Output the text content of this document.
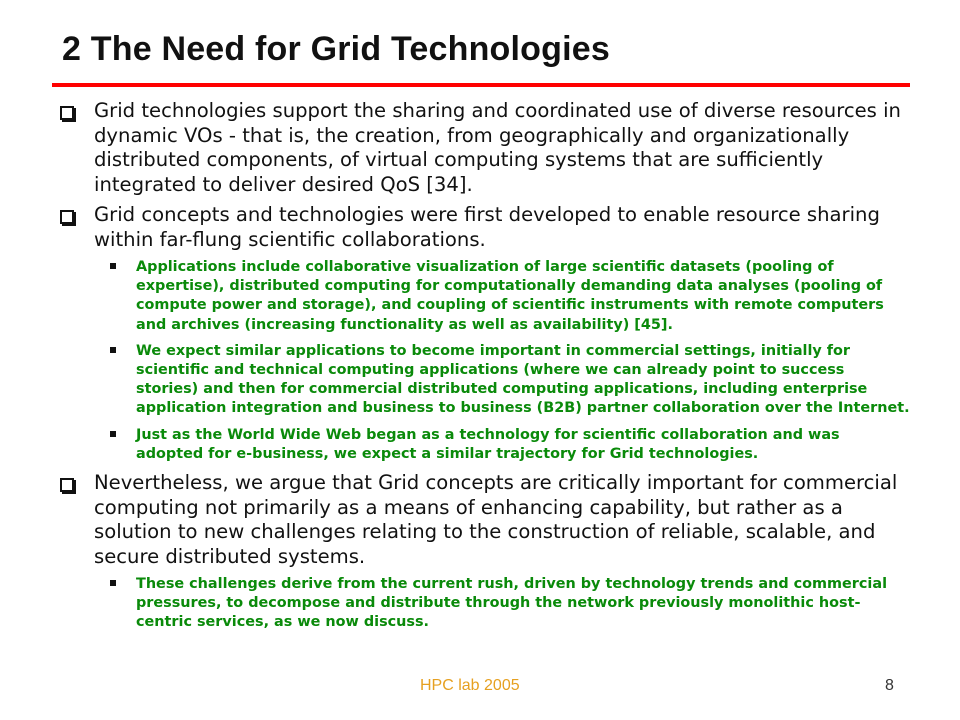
2 The Need for Grid Technologies
Grid technologies support the sharing and coordinated use of diverse resources in dynamic VOs - that is, the creation, from geographically and organizationally distributed components, of virtual computing systems that are sufficiently integrated to deliver desired QoS [34].
Grid concepts and technologies were first developed to enable resource sharing within far-flung scientific collaborations.
Applications include collaborative visualization of large scientific datasets (pooling of expertise), distributed computing for computationally demanding data analyses (pooling of compute power and storage), and coupling of scientific instruments with remote computers and archives (increasing functionality as well as availability) [45].
We expect similar applications to become important in commercial settings, initially for scientific and technical computing applications (where we can already point to success stories) and then for commercial distributed computing applications, including enterprise application integration and business to business (B2B) partner collaboration over the Internet.
Just as the World Wide Web began as a technology for scientific collaboration and was adopted for e-business, we expect a similar trajectory for Grid technologies.
Nevertheless, we argue that Grid concepts are critically important for commercial computing not primarily as a means of enhancing capability, but rather as a solution to new challenges relating to the construction of reliable, scalable, and secure distributed systems.
These challenges derive from the current rush, driven by technology trends and commercial pressures, to decompose and distribute through the network previously monolithic host-centric services, as we now discuss.
HPC lab 2005	8
